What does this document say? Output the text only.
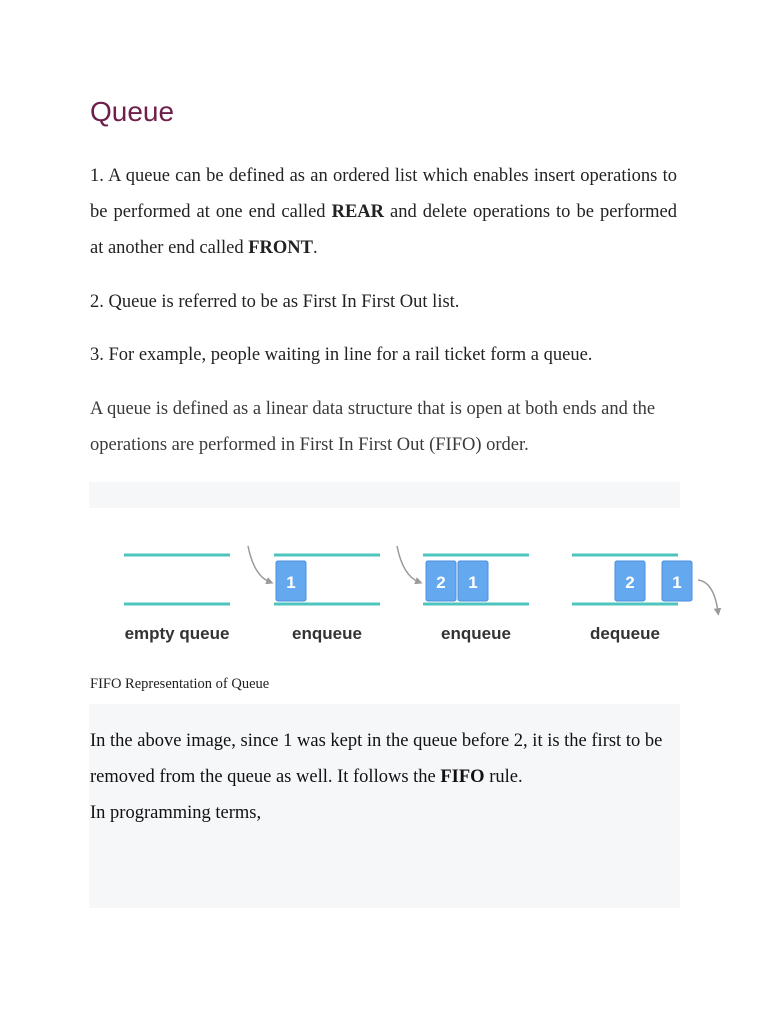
Queue

1. A queue can be defined as an ordered list which enables insert operations to be performed at one end called REAR and delete operations to be performed at another end called FRONT.

2. Queue is referred to be as First In First Out list.

3. For example, people waiting in line for a rail ticket form a queue.

A queue is defined as a linear data structure that is open at both ends and the operations are performed in First In First Out (FIFO) order.

empty queue
1
enqueue
2 1
enqueue
2 1
dequeue

FIFO Representation of Queue

In the above image, since 1 was kept in the queue before 2, it is the first to be removed from the queue as well. It follows the FIFO rule.
In programming terms,
